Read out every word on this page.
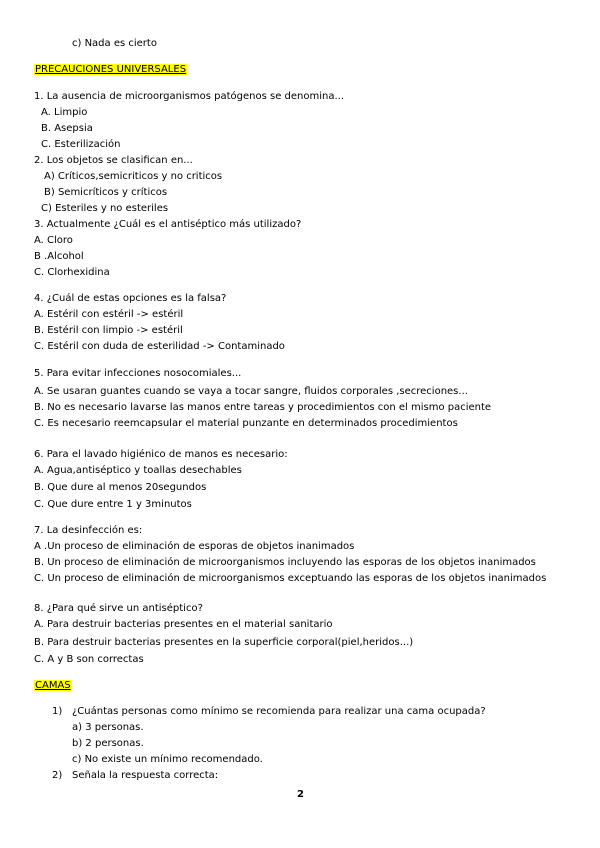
c) Nada es cierto
PRECAUCIONES UNIVERSALES
1. La ausencia de microorganismos patógenos se denomina...
A. Limpio
B. Asepsia
C. Esterilización
2. Los objetos se clasifican en...
A) Críticos,semicriticos y no criticos
B) Semicríticos y críticos
C) Esteriles y no esteriles
3. Actualmente ¿Cuál es el antiséptico más utilizado?
A. Cloro
B .Alcohol
C. Clorhexidina
4. ¿Cuál de estas opciones es la falsa?
A. Estéril con estéril -> estéril
B. Estéril con limpio -> estéril
C. Estéril con duda de esterilidad -> Contaminado
5. Para evitar infecciones nosocomiales...
A. Se usaran guantes cuando se vaya a tocar sangre, fluidos corporales ,secreciones...
B. No es necesario lavarse las manos entre tareas y procedimientos con el mismo paciente
C. Es necesario reemcapsular el material punzante en determinados procedimientos
6. Para el lavado higiénico de manos es necesario:
A. Agua,antiséptico y toallas desechables
B. Que dure al menos 20segundos
C. Que dure entre 1 y 3minutos
7. La desinfección es:
A .Un proceso de eliminación de esporas de objetos inanimados
B. Un proceso de eliminación de microorganismos incluyendo las esporas de los objetos inanimados
C. Un proceso de eliminación de microorganismos exceptuando las esporas de los objetos inanimados
8. ¿Para qué sirve un antiséptico?
A. Para destruir bacterias presentes en el material sanitario
B. Para destruir bacterias presentes en la superficie corporal(piel,heridos...)
C. A y B son correctas
CAMAS
1) ¿Cuántas personas como mínimo se recomienda para realizar una cama ocupada?
a) 3 personas.
b) 2 personas.
c) No existe un mínimo recomendado.
2) Señala la respuesta correcta:
2
